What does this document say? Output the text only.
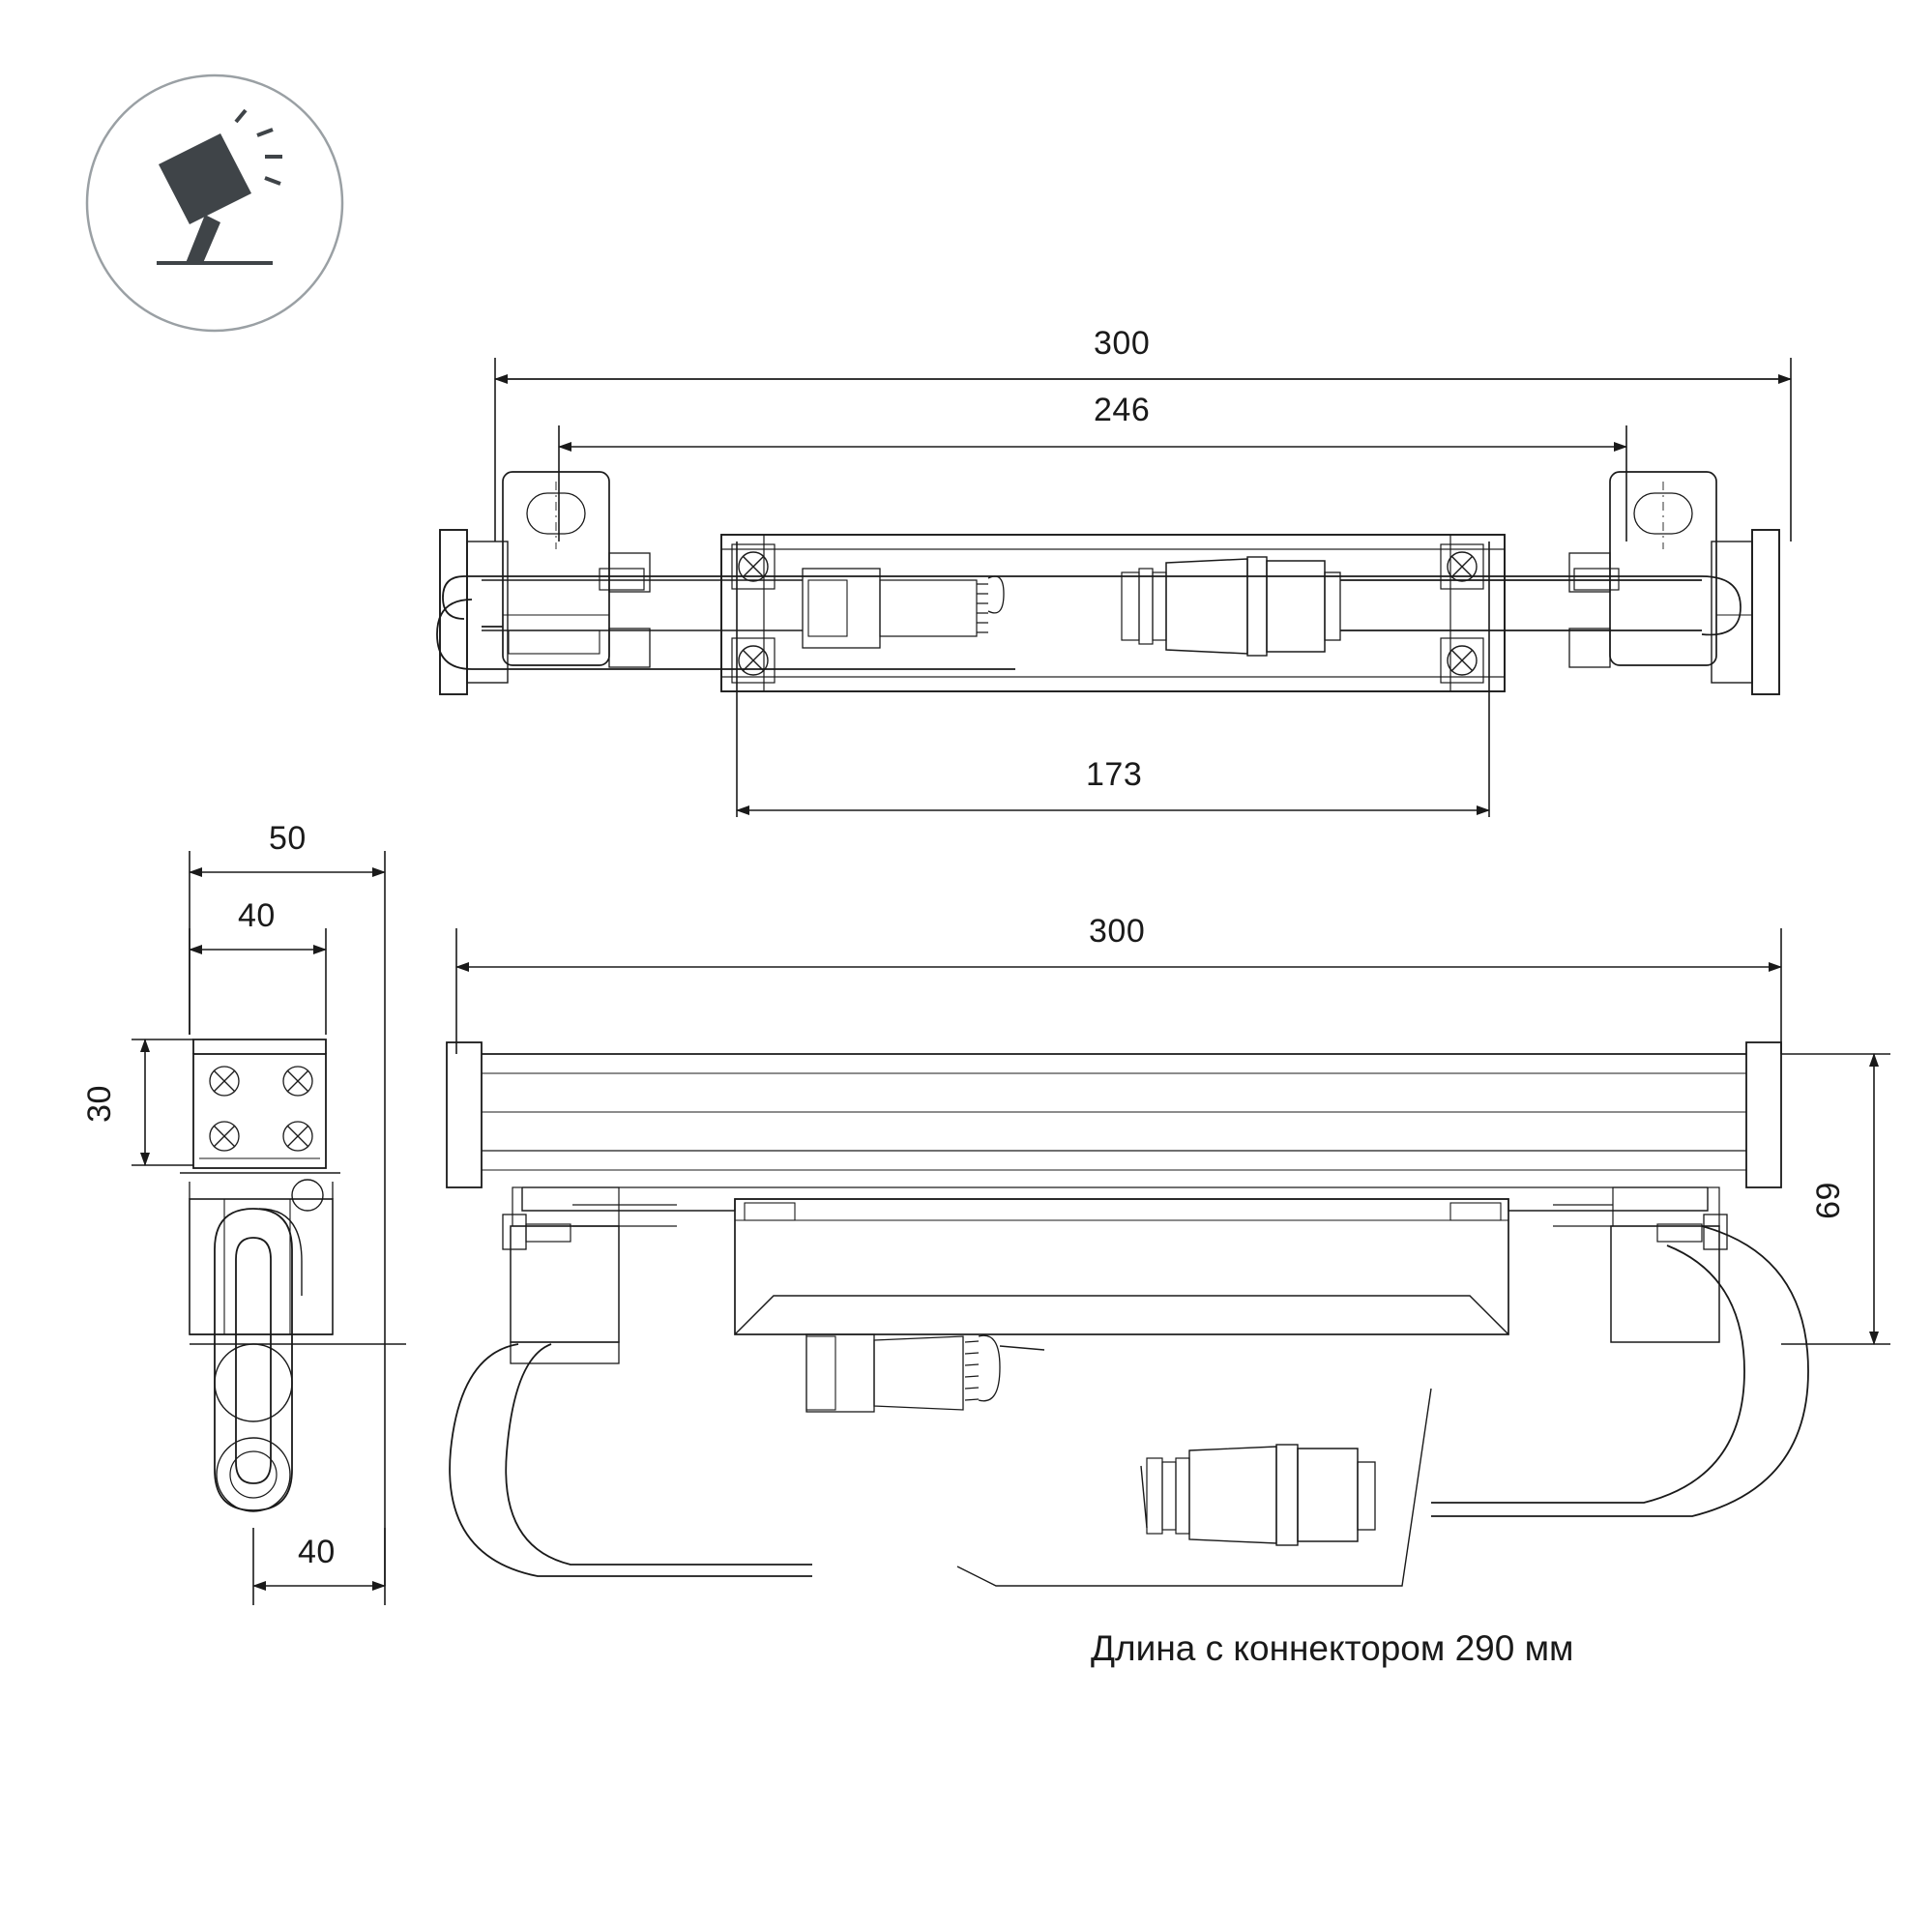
300
246
173
50
40
30
40
300
69
Длина с коннектором 290 мм
